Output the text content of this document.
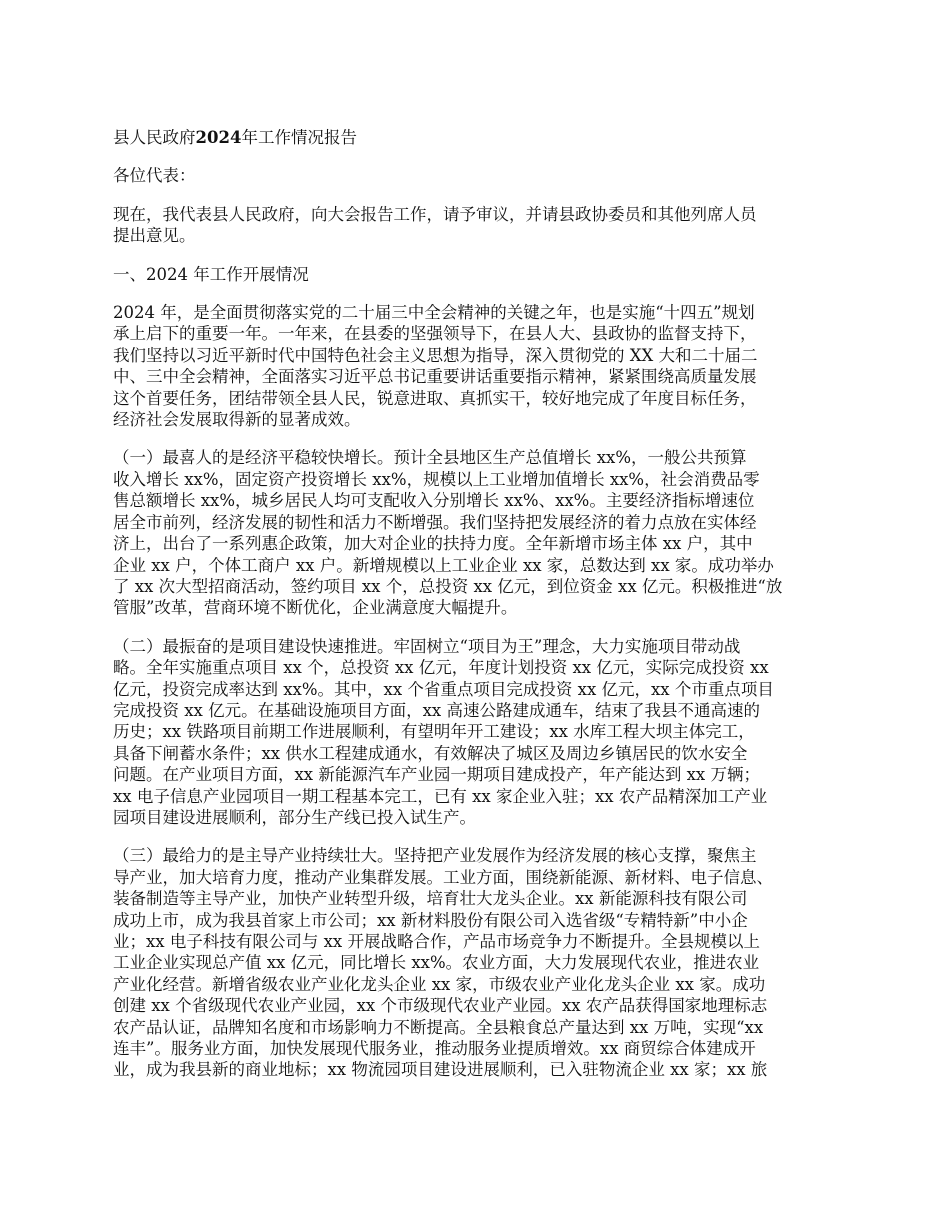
县人民政府2024年工作情况报告
各位代表：
现在，我代表县人民政府，向大会报告工作，请予审议，并请县政协委员和其他列席人员
提出意见。
一、2024 年工作开展情况
2024 年，是全面贯彻落实党的二十届三中全会精神的关键之年，也是实施“十四五”规划
承上启下的重要一年。一年来，在县委的坚强领导下，在县人大、县政协的监督支持下，
我们坚持以习近平新时代中国特色社会主义思想为指导，深入贯彻党的 XX 大和二十届二
中、三中全会精神，全面落实习近平总书记重要讲话重要指示精神，紧紧围绕高质量发展
这个首要任务，团结带领全县人民，锐意进取、真抓实干，较好地完成了年度目标任务，
经济社会发展取得新的显著成效。
（一）最喜人的是经济平稳较快增长。预计全县地区生产总值增长 xx%，一般公共预算
收入增长 xx%，固定资产投资增长 xx%，规模以上工业增加值增长 xx%，社会消费品零
售总额增长 xx%，城乡居民人均可支配收入分别增长 xx%、xx%。主要经济指标增速位
居全市前列，经济发展的韧性和活力不断增强。我们坚持把发展经济的着力点放在实体经
济上，出台了一系列惠企政策，加大对企业的扶持力度。全年新增市场主体 xx 户，其中
企业 xx 户，个体工商户 xx 户。新增规模以上工业企业 xx 家，总数达到 xx 家。成功举办
了 xx 次大型招商活动，签约项目 xx 个，总投资 xx 亿元，到位资金 xx 亿元。积极推进“放
管服”改革，营商环境不断优化，企业满意度大幅提升。
（二）最振奋的是项目建设快速推进。牢固树立“项目为王”理念，大力实施项目带动战
略。全年实施重点项目 xx 个，总投资 xx 亿元，年度计划投资 xx 亿元，实际完成投资 xx
亿元，投资完成率达到 xx%。其中，xx 个省重点项目完成投资 xx 亿元，xx 个市重点项目
完成投资 xx 亿元。在基础设施项目方面，xx 高速公路建成通车，结束了我县不通高速的
历史；xx 铁路项目前期工作进展顺利，有望明年开工建设；xx 水库工程大坝主体完工，
具备下闸蓄水条件；xx 供水工程建成通水，有效解决了城区及周边乡镇居民的饮水安全
问题。在产业项目方面，xx 新能源汽车产业园一期项目建成投产，年产能达到 xx 万辆；
xx 电子信息产业园项目一期工程基本完工，已有 xx 家企业入驻；xx 农产品精深加工产业
园项目建设进展顺利，部分生产线已投入试生产。
（三）最给力的是主导产业持续壮大。坚持把产业发展作为经济发展的核心支撑，聚焦主
导产业，加大培育力度，推动产业集群发展。工业方面，围绕新能源、新材料、电子信息、
装备制造等主导产业，加快产业转型升级，培育壮大龙头企业。xx 新能源科技有限公司
成功上市，成为我县首家上市公司；xx 新材料股份有限公司入选省级“专精特新”中小企
业；xx 电子科技有限公司与 xx 开展战略合作，产品市场竞争力不断提升。全县规模以上
工业企业实现总产值 xx 亿元，同比增长 xx%。农业方面，大力发展现代农业，推进农业
产业化经营。新增省级农业产业化龙头企业 xx 家，市级农业产业化龙头企业 xx 家。成功
创建 xx 个省级现代农业产业园，xx 个市级现代农业产业园。xx 农产品获得国家地理标志
农产品认证，品牌知名度和市场影响力不断提高。全县粮食总产量达到 xx 万吨，实现“xx
连丰”。服务业方面，加快发展现代服务业，推动服务业提质增效。xx 商贸综合体建成开
业，成为我县新的商业地标；xx 物流园项目建设进展顺利，已入驻物流企业 xx 家；xx 旅
